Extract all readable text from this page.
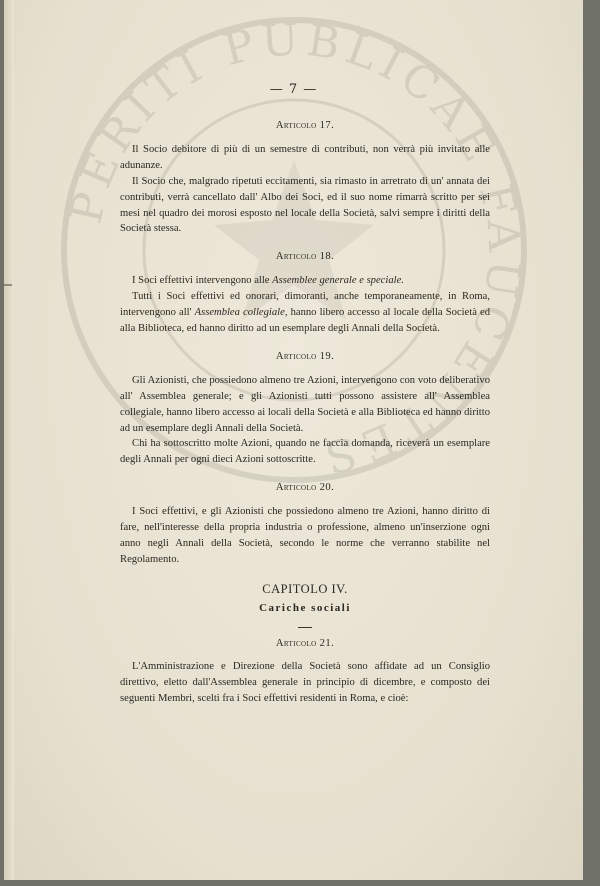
PERITI PUBLICAE FAUCENTES
— 7 —
Articolo 17.

Il Socio debitore di più di un semestre di contributi, non verrà più invitato alle adunanze.

Il Socio che, malgrado ripetuti eccitamenti, sia rimasto in arretrato di un' annata dei contributi, verrà cancellato dall' Albo dei Soci, ed il suo nome rimarrà scritto per sei mesi nel quadro dei morosi esposto nel locale della Società, salvi sempre i diritti della Società stessa.

Articolo 18.

I Soci effettivi intervengono alle Assemblee generale e speciale.

Tutti i Soci effettivi ed onorari, dimoranti, anche temporaneamente, in Roma, intervengono all' Assemblea collegiale, hanno libero accesso al locale della Società ed alla Biblioteca, ed hanno diritto ad un esemplare degli Annali della Società.

Articolo 19.

Gli Azionisti, che possiedono almeno tre Azioni, intervengono con voto deliberativo all' Assemblea generale; e gli Azionisti tutti possono assistere all' Assemblea collegiale, hanno libero accesso ai locali della Società e alla Biblioteca ed hanno diritto ad un esemplare degli Annali della Società.

Chi ha sottoscritto molte Azioni, quando ne faccia domanda, riceverà un esemplare degli Annali per ogni dieci Azioni sottoscritte.

Articolo 20.

I Soci effettivi, e gli Azionisti che possiedono almeno tre Azioni, hanno diritto di fare, nell'interesse della propria industria o professione, almeno un'inserzione ogni anno negli Annali della Società, secondo le norme che verranno stabilite nel Regolamento.

CAPITOLO IV.
Cariche sociali
Articolo 21.

L'Amministrazione e Direzione della Società sono affidate ad un Consiglio direttivo, eletto dall'Assemblea generale in principio di dicembre, e composto dei seguenti Membri, scelti fra i Soci effettivi residenti in Roma, e cioè:
